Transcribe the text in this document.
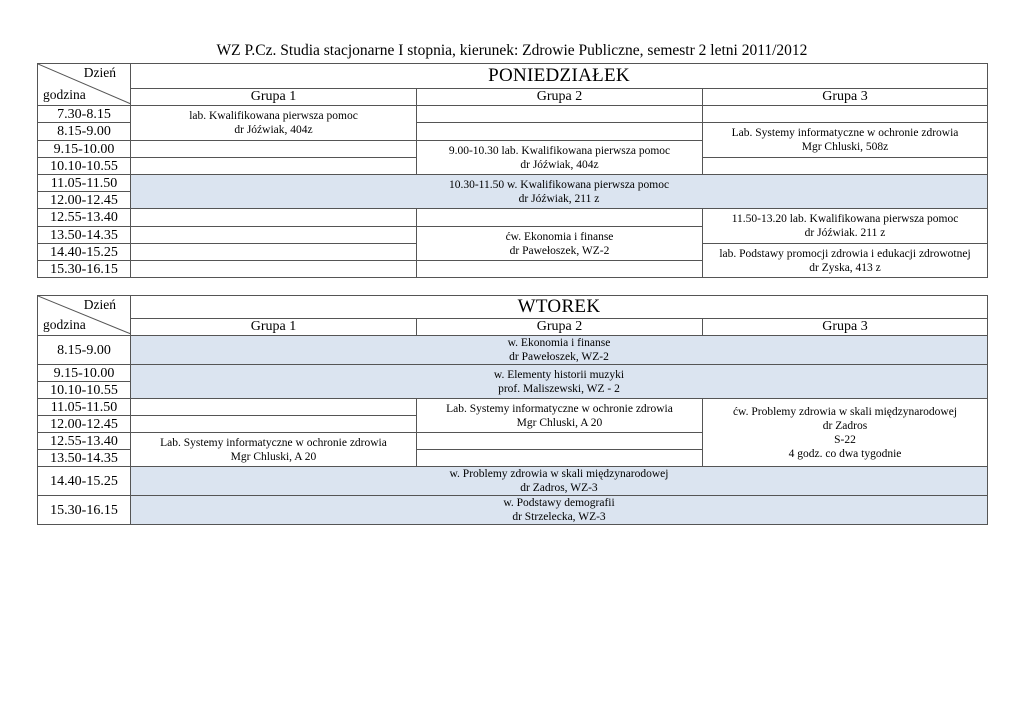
WZ P.Cz. Studia stacjonarne I stopnia, kierunek: Zdrowie Publiczne, semestr 2 letni 2011/2012
Dzień
godzina	PONIEDZIAŁEK		
	Grupa 1	Grupa 2	Grupa 3
7.30-8.15	lab. Kwalifikowana pierwsza pomoc
dr Jóźwiak, 404z		

8.15-9.00			Lab. Systemy informatyczne w ochronie zdrowia
Mgr Chluski, 508z

9.15-10.00		9.00-10.30 lab. Kwalifikowana pierwsza pomoc
dr Jóźwiak, 404z	

10.10-10.55			
11.05-11.50	10.30-11.50 w. Kwalifikowana pierwsza pomoc
dr Jóźwiak, 211 z		

12.00-12.45			
12.55-13.40			11.50-13.20 lab. Kwalifikowana pierwsza pomoc
dr Jóźwiak. 211 z

13.50-14.35		ćw. Ekonomia i finanse
dr Pawełoszek, WZ-2	

14.40-15.25			lab. Podstawy promocji zdrowia i edukacji zdrowotnej
dr Zyska, 413 z

15.30-16.15			
Dzień
godzina	WTOREK		
	Grupa 1	Grupa 2	Grupa 3
8.15-9.00	w. Ekonomia i finanse
dr Pawełoszek, WZ-2		

9.15-10.00	w. Elementy historii muzyki
prof. Maliszewski, WZ - 2		

10.10-10.55			
11.05-11.50		Lab. Systemy informatyczne w ochronie zdrowia
Mgr Chluski, A 20	ćw. Problemy zdrowia w skali międzynarodowej
dr Zadros
S-22
4 godz. co dwa tygodnie

12.00-12.45			
12.55-13.40	Lab. Systemy informatyczne w ochronie zdrowia
Mgr Chluski, A 20		

13.50-14.35			
14.40-15.25	w. Problemy zdrowia w skali międzynarodowej
dr Zadros, WZ-3		

15.30-16.15	w. Podstawy demografii
dr Strzelecka, WZ-3		
